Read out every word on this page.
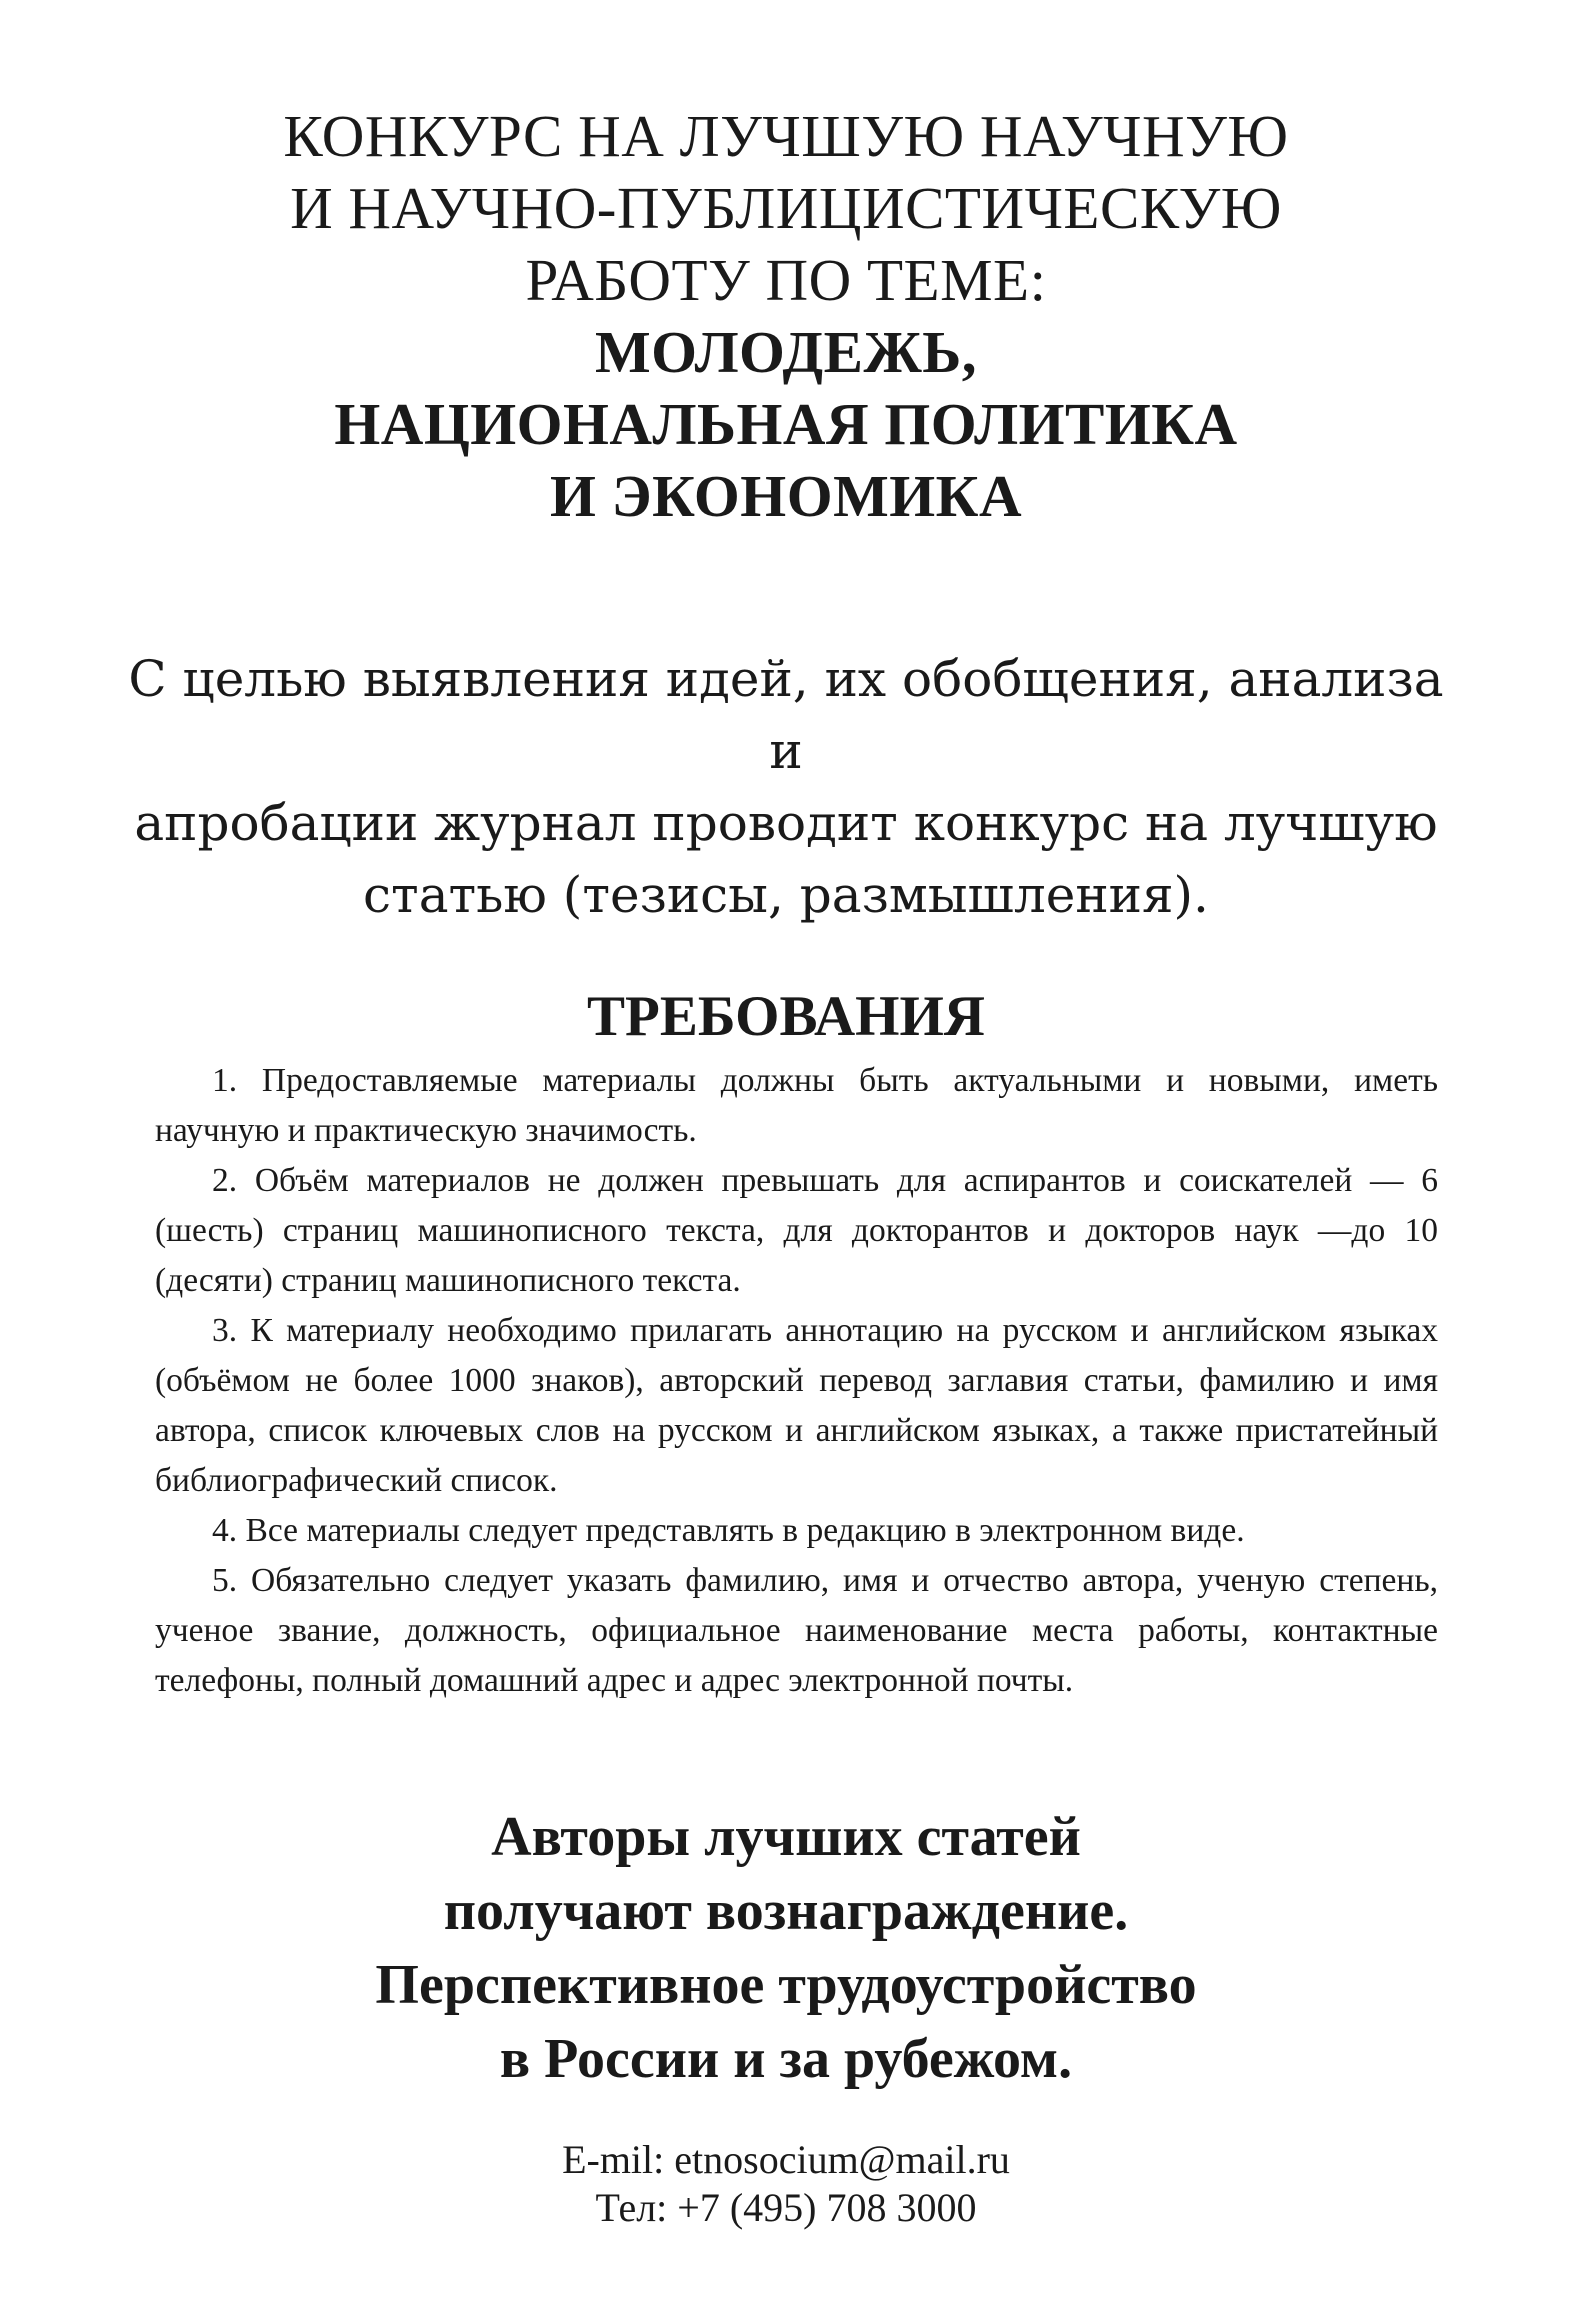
КОНКУРС НА ЛУЧШУЮ НАУЧНУЮ
И НАУЧНО-ПУБЛИЦИСТИЧЕСКУЮ
РАБОТУ ПО ТЕМЕ:
МОЛОДЕЖЬ,
НАЦИОНАЛЬНАЯ ПОЛИТИКА
И ЭКОНОМИКА
С целью выявления идей, их обобщения, анализа и
апробации журнал проводит конкурс на лучшую
статью (тезисы, размышления).
ТРЕБОВАНИЯ

1. Предоставляемые материалы должны быть актуальными и новыми, иметь научную и практическую значимость.

2. Объём материалов не должен превышать для аспирантов и соискателей — 6 (шесть) страниц машинописного текста, для докторантов и докторов наук —до 10 (десяти) страниц машинописного текста.

3. К материалу необходимо прилагать аннотацию на русском и английском языках (объёмом не более 1000 знаков), авторский перевод заглавия статьи, фамилию и имя автора, список ключевых слов на русском и английском языках, а также пристатейный библиографический список.

4. Все материалы следует представлять в редакцию в электронном виде.

5. Обязательно следует указать фамилию, имя и отчество автора, ученую степень, ученое звание, должность, официальное наименование места работы, контактные телефоны, полный домашний адрес и адрес электронной почты.

Авторы лучших статей
получают вознаграждение.
Перспективное трудоустройство
в России и за рубежом.
E-mil: etnosocium@mail.ru
Тел: +7 (495) 708 3000
